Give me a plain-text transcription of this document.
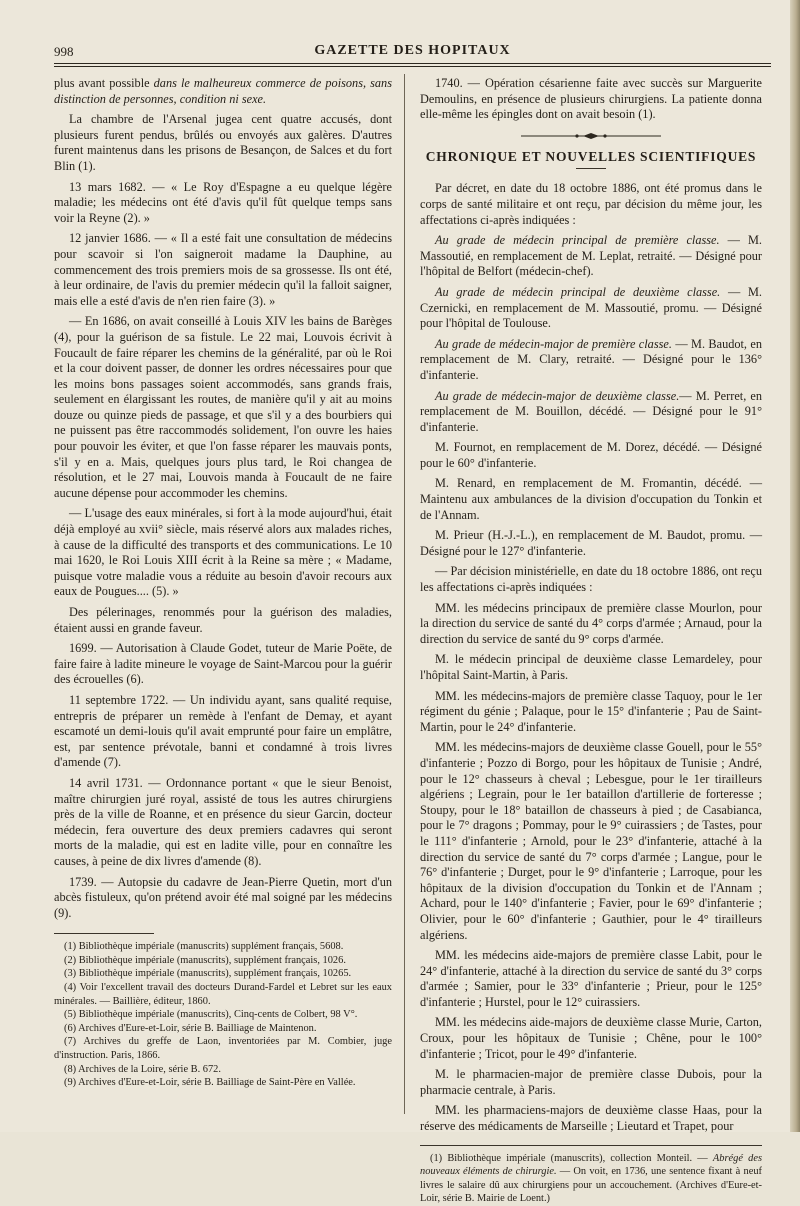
998	GAZETTE DES HOPITAUX

plus avant possible dans le malheureux commerce de poisons, sans distinction de personnes, condition ni sexe.

La chambre de l'Arsenal jugea cent quatre accusés, dont plusieurs furent pendus, brûlés ou envoyés aux galères. D'autres furent maintenus dans les prisons de Besançon, de Salces et du fort Blin (1).

13 mars 1682. — « Le Roy d'Espagne a eu quelque légère maladie; les médecins ont été d'avis qu'il fût quelque temps sans voir la Reyne (2). »

12 janvier 1686. — « Il a esté fait une consultation de médecins pour scavoir si l'on saigneroit madame la Dauphine, au commencement des trois premiers mois de sa grossesse. Ils ont été, à leur ordinaire, de l'avis du premier médecin qu'il la falloit saigner, mais elle a esté d'avis de n'en rien faire (3). »

— En 1686, on avait conseillé à Louis XIV les bains de Barèges (4), pour la guérison de sa fistule. Le 22 mai, Louvois écrivit à Foucault de faire réparer les chemins de la généralité, par où le Roi et la cour doivent passer, de donner les ordres nécessaires pour que les moins bons passages soient accommodés, sans grands frais, seulement en élargissant les routes, de manière qu'il y ait au moins douze ou quinze pieds de passage, et que s'il y a des bourbiers qui ne puissent pas être raccommodés solidement, l'on ouvre les haies pour pouvoir les éviter, et que l'on fasse réparer les mauvais ponts, s'il y en a. Mais, quelques jours plus tard, le Roi changea de résolution, et le 27 mai, Louvois manda à Foucault de ne faire aucune dépense pour accommoder les chemins.

— L'usage des eaux minérales, si fort à la mode aujourd'hui, était déjà employé au xvii° siècle, mais réservé alors aux malades riches, à cause de la difficulté des transports et des communications. Le 10 mai 1620, le Roi Louis XIII écrit à la Reine sa mère ; « Madame, puisque votre maladie vous a réduite au besoin d'avoir recours aux eaux de Pougues.... (5). »

Des pélerinages, renommés pour la guérison des maladies, étaient aussi en grande faveur.

1699. — Autorisation à Claude Godet, tuteur de Marie Poëte, de faire faire à ladite mineure le voyage de Saint-Marcou pour la guérir des écrouelles (6).

11 septembre 1722. — Un individu ayant, sans qualité requise, entrepris de préparer un remède à l'enfant de Demay, et ayant escamoté un demi-louis qu'il avait emprunté pour faire un emplâtre, est, par sentence prévotale, banni et condamné à trois livres d'amende (7).

14 avril 1731. — Ordonnance portant « que le sieur Benoist, maître chirurgien juré royal, assisté de tous les autres chirurgiens près de la ville de Roanne, et en présence du sieur Garcin, docteur médecin, fera ouverture des deux premiers cadavres qui seront morts de la maladie, qui est en ladite ville, pour en connaître les causes, à peine de dix livres d'amende (8).

1739. — Autopsie du cadavre de Jean-Pierre Quetin, mort d'un abcès fistuleux, qu'on prétend avoir été mal soigné par les médecins (9).

(1) Bibliothèque impériale (manuscrits) supplément français, 5608.
(2) Bibliothèque impériale (manuscrits), supplément français, 1026.
(3) Bibliothèque impériale (manuscrits), supplément français, 10265.
(4) Voir l'excellent travail des docteurs Durand-Fardel et Lebret sur les eaux minérales. — Baillière, éditeur, 1860.
(5) Bibliothèque impériale (manuscrits), Cinq-cents de Colbert, 98 V°.
(6) Archives d'Eure-et-Loir, série B. Bailliage de Maintenon.
(7) Archives du greffe de Laon, inventoriées par M. Combier, juge d'instruction. Paris, 1866.
(8) Archives de la Loire, série B. 672.
(9) Archives d'Eure-et-Loir, série B. Bailliage de Saint-Père en Vallée.

1740. — Opération césarienne faite avec succès sur Marguerite Demoulins, en présence de plusieurs chirurgiens. La patiente donna elle-même les épingles dont on avait besoin (1).

CHRONIQUE ET NOUVELLES SCIENTIFIQUES

Par décret, en date du 18 octobre 1886, ont été promus dans le corps de santé militaire et ont reçu, par décision du même jour, les affectations ci-après indiquées :

Au grade de médecin principal de première classe. — M. Massoutié, en remplacement de M. Leplat, retraité. — Désigné pour l'hôpital de Belfort (médecin-chef).

Au grade de médecin principal de deuxième classe. — M. Czernicki, en remplacement de M. Massoutié, promu. — Désigné pour l'hôpital de Toulouse.

Au grade de médecin-major de première classe. — M. Baudot, en remplacement de M. Clary, retraité. — Désigné pour le 136° d'infanterie.

Au grade de médecin-major de deuxième classe.— M. Perret, en remplacement de M. Bouillon, décédé. — Désigné pour le 91° d'infanterie.

M. Fournot, en remplacement de M. Dorez, décédé. — Désigné pour le 60° d'infanterie.

M. Renard, en remplacement de M. Fromantin, décédé. — Maintenu aux ambulances de la division d'occupation du Tonkin et de l'Annam.

M. Prieur (H.-J.-L.), en remplacement de M. Baudot, promu. — Désigné pour le 127° d'infanterie.

— Par décision ministérielle, en date du 18 octobre 1886, ont reçu les affectations ci-après indiquées :

MM. les médecins principaux de première classe Mourlon, pour la direction du service de santé du 4° corps d'armée ; Arnaud, pour la direction du service de santé du 9° corps d'armée.

M. le médecin principal de deuxième classe Lemardeley, pour l'hôpital Saint-Martin, à Paris.

MM. les médecins-majors de première classe Taquoy, pour le 1er régiment du génie ; Palaque, pour le 15° d'infanterie ; Pau de Saint-Martin, pour le 24° d'infanterie.

MM. les médecins-majors de deuxième classe Gouell, pour le 55° d'infanterie ; Pozzo di Borgo, pour les hôpitaux de Tunisie ; André, pour le 12° chasseurs à cheval ; Lebesgue, pour le 1er tirailleurs algériens ; Legrain, pour le 1er bataillon d'artillerie de forteresse ; Stoupy, pour le 18° bataillon de chasseurs à pied ; de Casabianca, pour le 7° dragons ; Pommay, pour le 9° cuirassiers ; de Tastes, pour le 111° d'infanterie ; Arnold, pour le 23° d'infanterie, attaché à la direction du service de santé du 7° corps d'armée ; Langue, pour le 76° d'infanterie ; Durget, pour le 9° d'infanterie ; Larroque, pour les hôpitaux de la division d'occupation du Tonkin et de l'Annam ; Achard, pour le 140° d'infanterie ; Favier, pour le 69° d'infanterie ; Olivier, pour le 60° d'infanterie ; Gauthier, pour le 4° tirailleurs algériens.

MM. les médecins aide-majors de première classe Labit, pour le 24° d'infanterie, attaché à la direction du service de santé du 3° corps d'armée ; Samier, pour le 33° d'infanterie ; Prieur, pour le 125° d'infanterie ; Hurstel, pour le 12° cuirassiers.

MM. les médecins aide-majors de deuxième classe Murie, Carton, Croux, pour les hôpitaux de Tunisie ; Chêne, pour le 100° d'infanterie ; Tricot, pour le 49° d'infanterie.

M. le pharmacien-major de première classe Dubois, pour la pharmacie centrale, à Paris.

MM. les pharmaciens-majors de deuxième classe Haas, pour la réserve des médicaments de Marseille ; Lieutard et Trapet, pour

(1) Bibliothèque impériale (manuscrits), collection Monteil. — Abrégé des nouveaux éléments de chirurgie. — On voit, en 1736, une sentence fixant à neuf livres le salaire dû aux chirurgiens pour un accouchement. (Archives d'Eure-et-Loir, série B. Mairie de Loent.)
